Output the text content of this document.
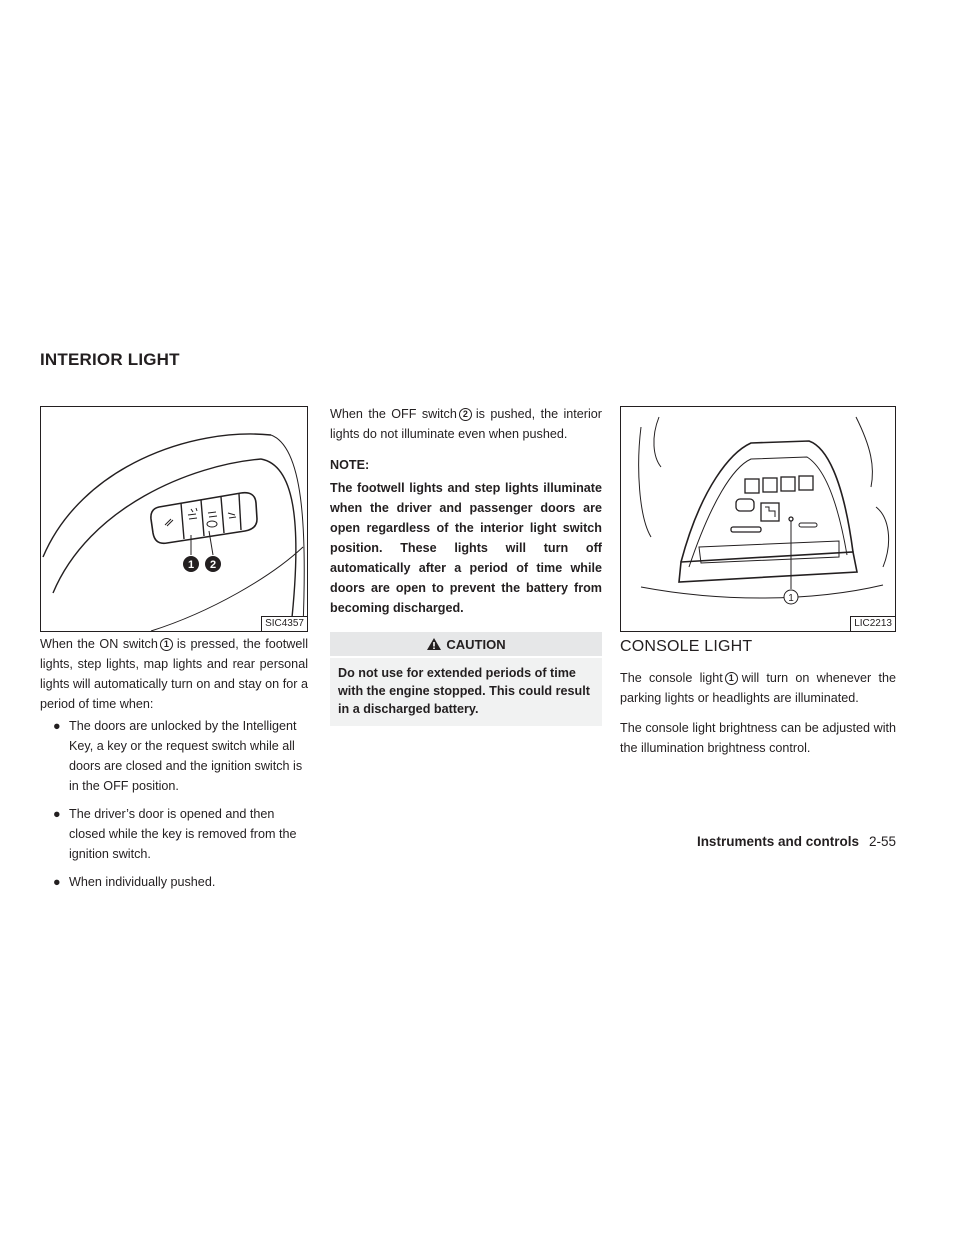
INTERIOR LIGHT
1 2
SIC4357

When the ON switch 1 is pressed, the footwell lights, step lights, map lights and rear personal lights will automatically turn on and stay on for a period of time when:

● The doors are unlocked by the Intelligent Key, a key or the request switch while all doors are closed and the ignition switch is in the OFF position.
● The driver’s door is opened and then closed while the key is removed from the ignition switch.
● When individually pushed.

When the OFF switch 2 is pushed, the interior lights do not illuminate even when pushed.

NOTE:

The footwell lights and step lights illuminate when the driver and passenger doors are open regardless of the interior light switch position. These lights will turn off automatically after a period of time while doors are open to prevent the battery from becoming discharged.

CAUTION
Do not use for extended periods of time with the engine stopped. This could result in a discharged battery.
1
LIC2213
CONSOLE LIGHT

The console light 1 will turn on whenever the parking lights or headlights are illuminated.

The console light brightness can be adjusted with the illumination brightness control.

Instruments and controls 2-55
